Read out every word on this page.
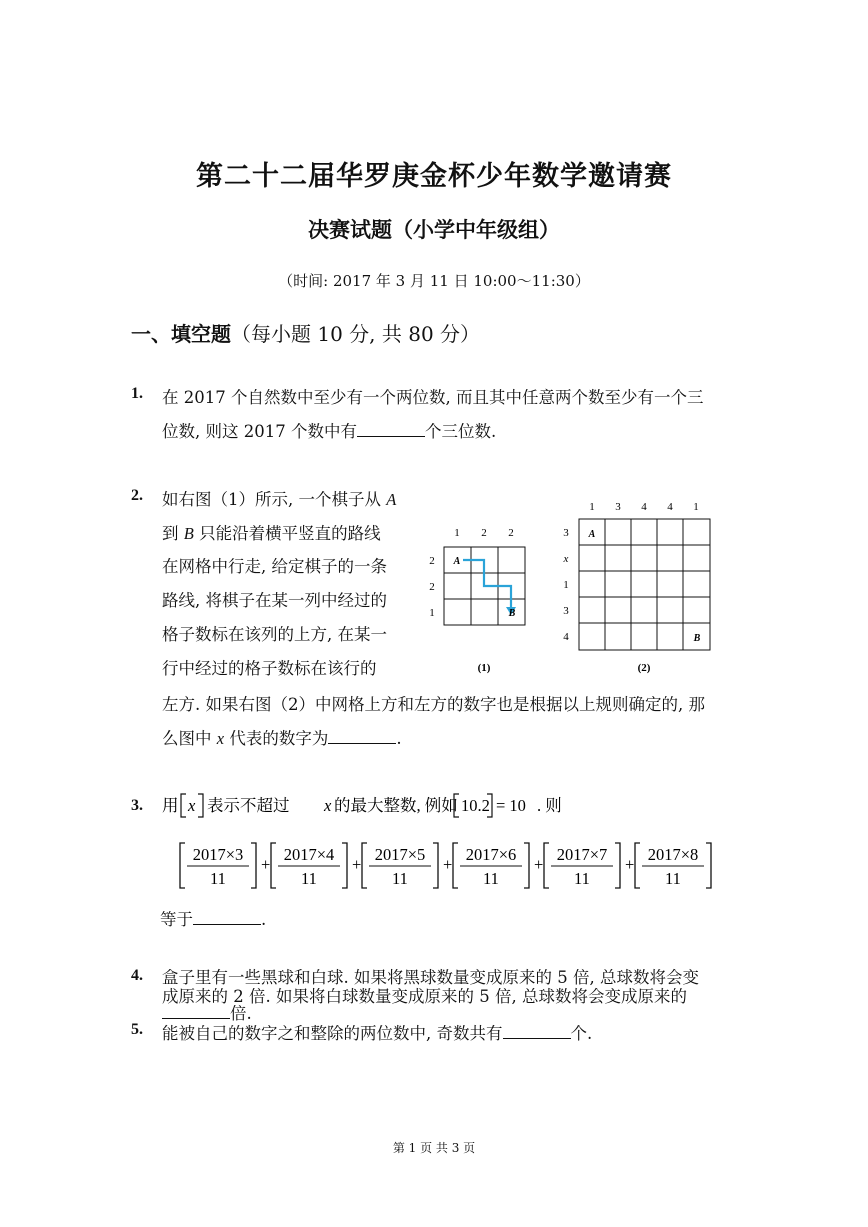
第二十二届华罗庚金杯少年数学邀请赛
决赛试题（小学中年级组）
（时间: 2017 年 3 月 11 日 10:00～11:30）
一、填空题（每小题 10 分, 共 80 分）
1. 在 2017 个自然数中至少有一个两位数, 而且其中任意两个数至少有一个三
位数, 则这 2017 个数中有	个三位数.
2. 如右图（1）所示, 一个棋子从 A
到 B 只能沿着横平竖直的路线
在网格中行走, 给定棋子的一条
路线, 将棋子在某一列中经过的
格子数标在该列的上方, 在某一
行中经过的格子数标在该行的
左方. 如果右图（2）中网格上方和左方的数字也是根据以上规则确定的, 那
么图中 x 代表的数字为	.
1 2 2
2
2
1
A
B
(1)
1 3 4 4 1
3
x
1
3
4
A
B
(2)
3. 用 x 表示不超过 x 的最大整数, 例如 10.2 = 10 . 则
2017×3
11
+
2017×4
11
+
2017×5
11
+
2017×6
11
+
2017×7
11
+
2017×8
11
等于	.
4. 盒子里有一些黑球和白球. 如果将黑球数量变成原来的 5 倍, 总球数将会变
成原来的 2 倍. 如果将白球数量变成原来的 5 倍, 总球数将会变成原来的
倍.
5. 能被自己的数字之和整除的两位数中, 奇数共有	个.
第 1 页 共 3 页
